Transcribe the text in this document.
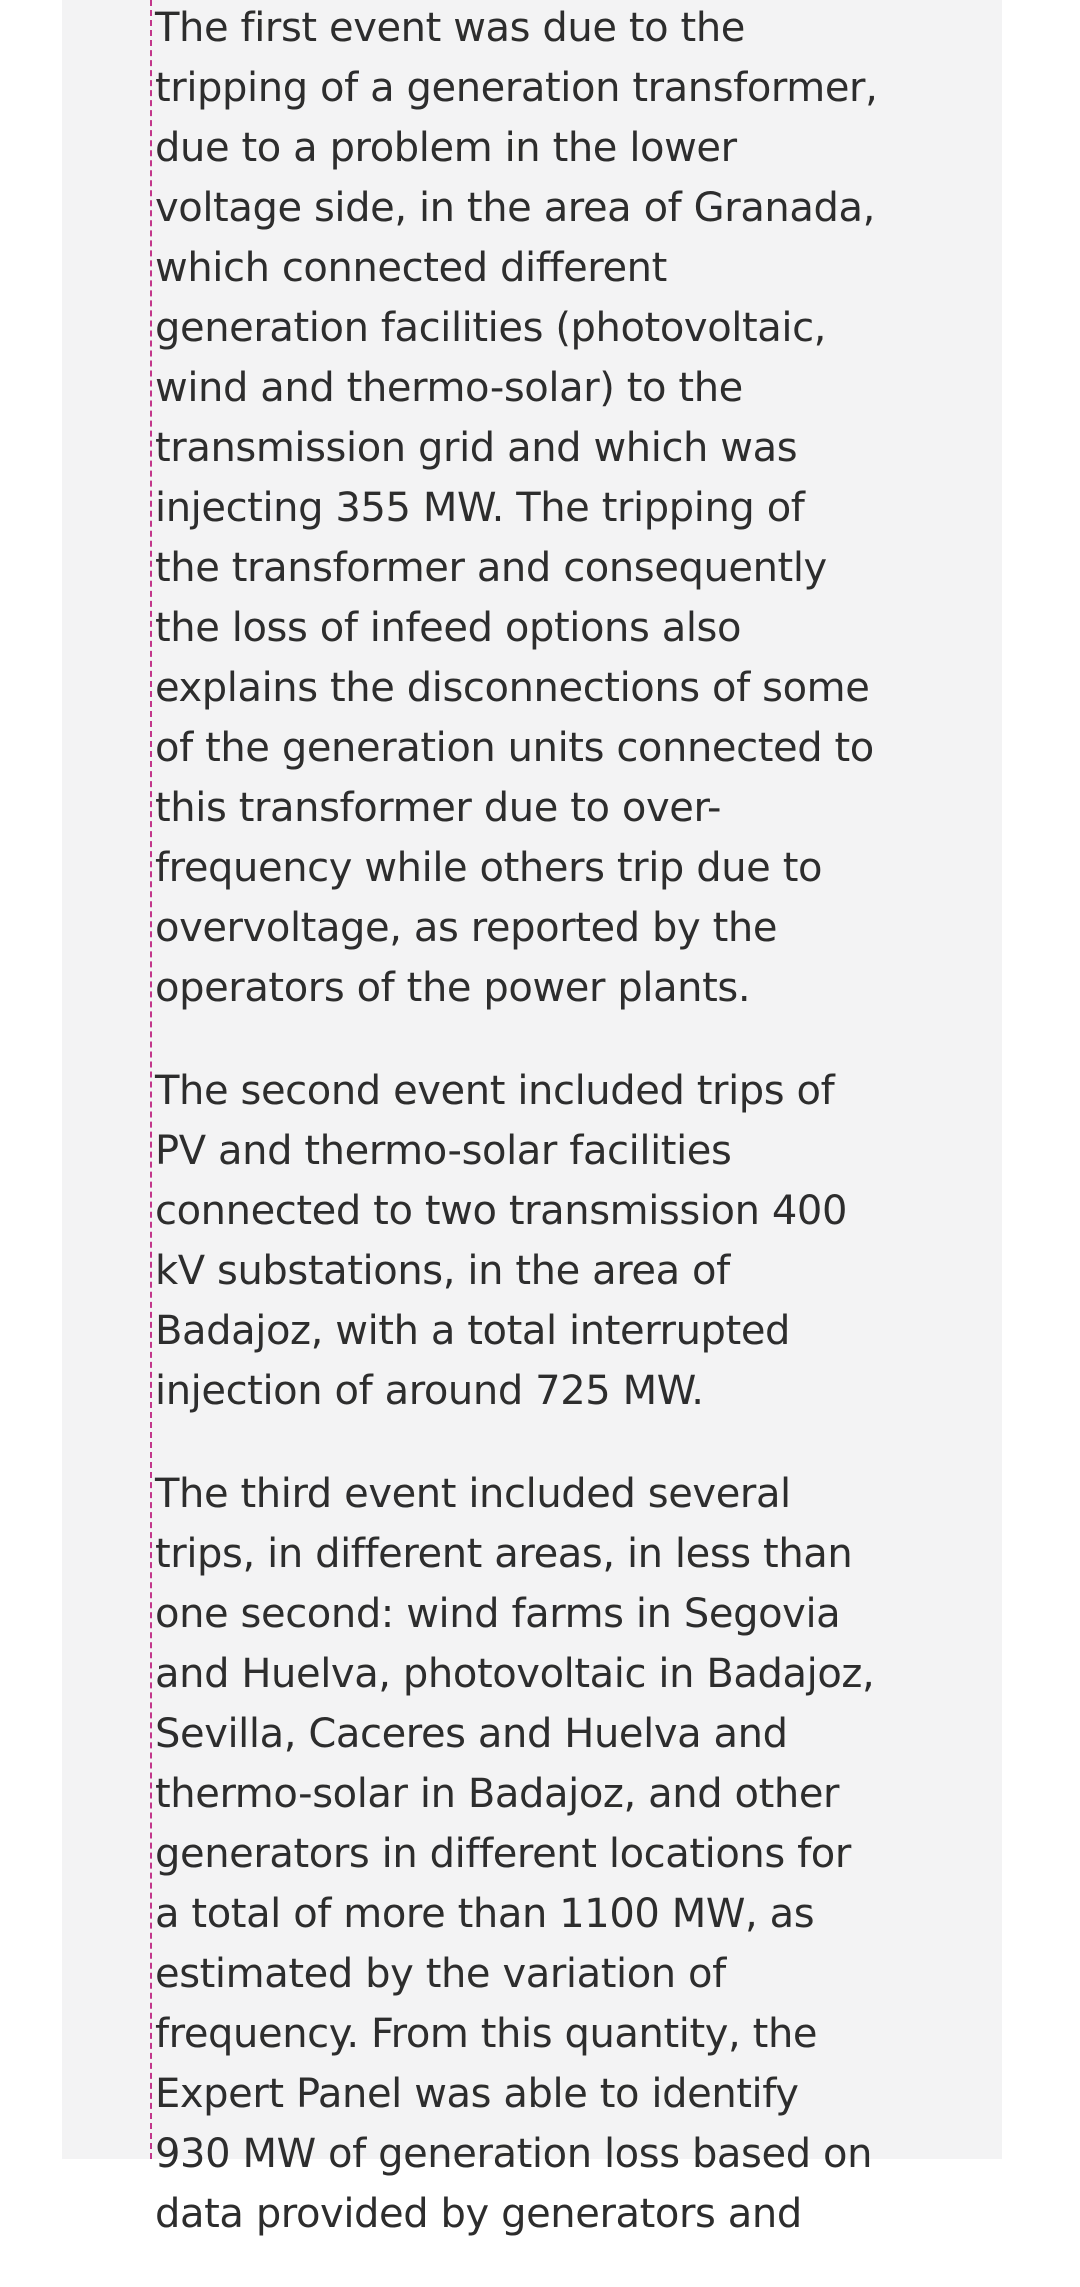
The first event was due to the
tripping of a generation transformer,
due to a problem in the lower
voltage side, in the area of Granada,
which connected different
generation facilities (photovoltaic,
wind and thermo-solar) to the
transmission grid and which was
injecting 355 MW. The tripping of
the transformer and consequently
the loss of infeed options also
explains the disconnections of some
of the generation units connected to
this transformer due to over-
frequency while others trip due to
overvoltage, as reported by the
operators of the power plants.

The second event included trips of
PV and thermo-solar facilities
connected to two transmission 400
kV substations, in the area of
Badajoz, with a total interrupted
injection of around 725 MW.

The third event included several
trips, in different areas, in less than
one second: wind farms in Segovia
and Huelva, photovoltaic in Badajoz,
Sevilla, Caceres and Huelva and
thermo-solar in Badajoz, and other
generators in different locations for
a total of more than 1100 MW, as
estimated by the variation of
frequency. From this quantity, the
Expert Panel was able to identify
930 MW of generation loss based on
data provided by generators and
